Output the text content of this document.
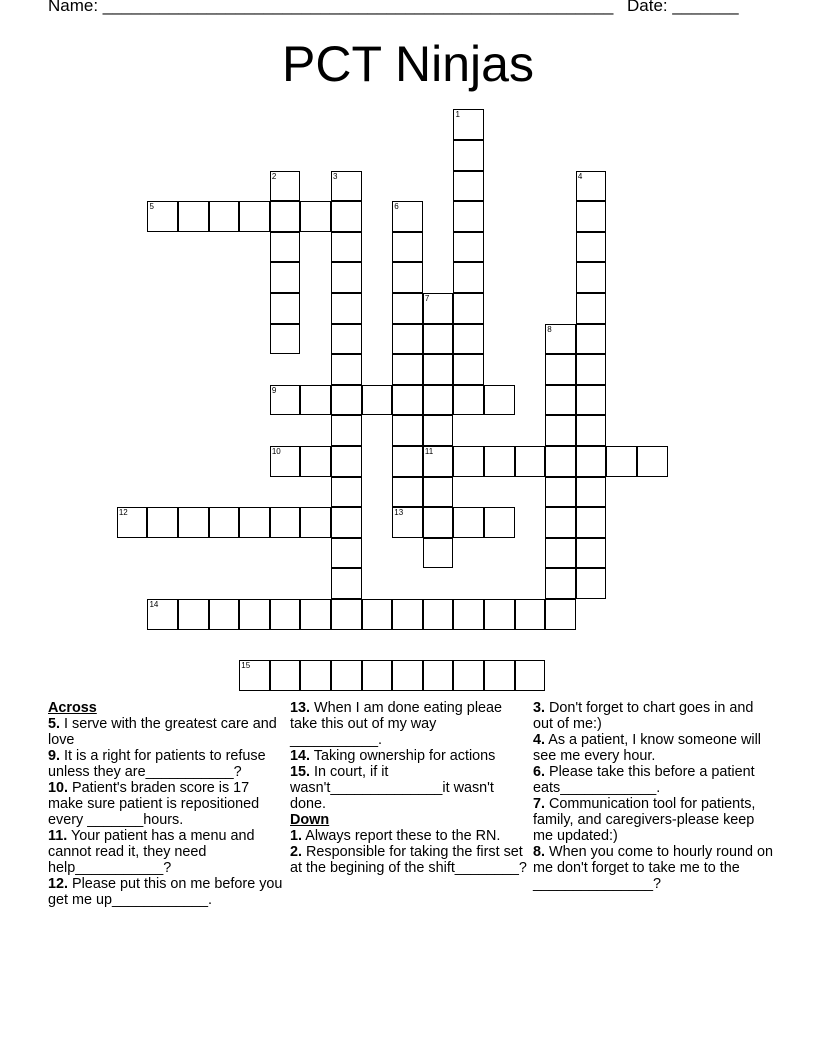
Name: ______________________________________________________ Date: _______
PCT Ninjas
1
2	3	4
5	6
7
11
8
9
10
12	13
14
15
Across

5. I serve with the greatest care and love

9. It is a right for patients to refuse unless they are___________?

10. Patient's braden score is 17 make sure patient is repositioned every _______hours.

11. Your patient has a menu and cannot read it, they need help___________?

12. Please put this on me before you get me up____________.

13. When I am done eating pleae take this out of my way ___________.

14. Taking ownership for actions

15. In court, if it wasn't______________it wasn't done.

Down

1. Always report these to the RN.

2. Responsible for taking the first set at the begining of the shift________?

3. Don't forget to chart goes in and out of me:)

4. As a patient, I know someone will see me every hour.

6. Please take this before a patient eats____________.

7. Communication tool for patients, family, and caregivers-please keep me updated:)

8. When you come to hourly round on me don't forget to take me to the _______________?
